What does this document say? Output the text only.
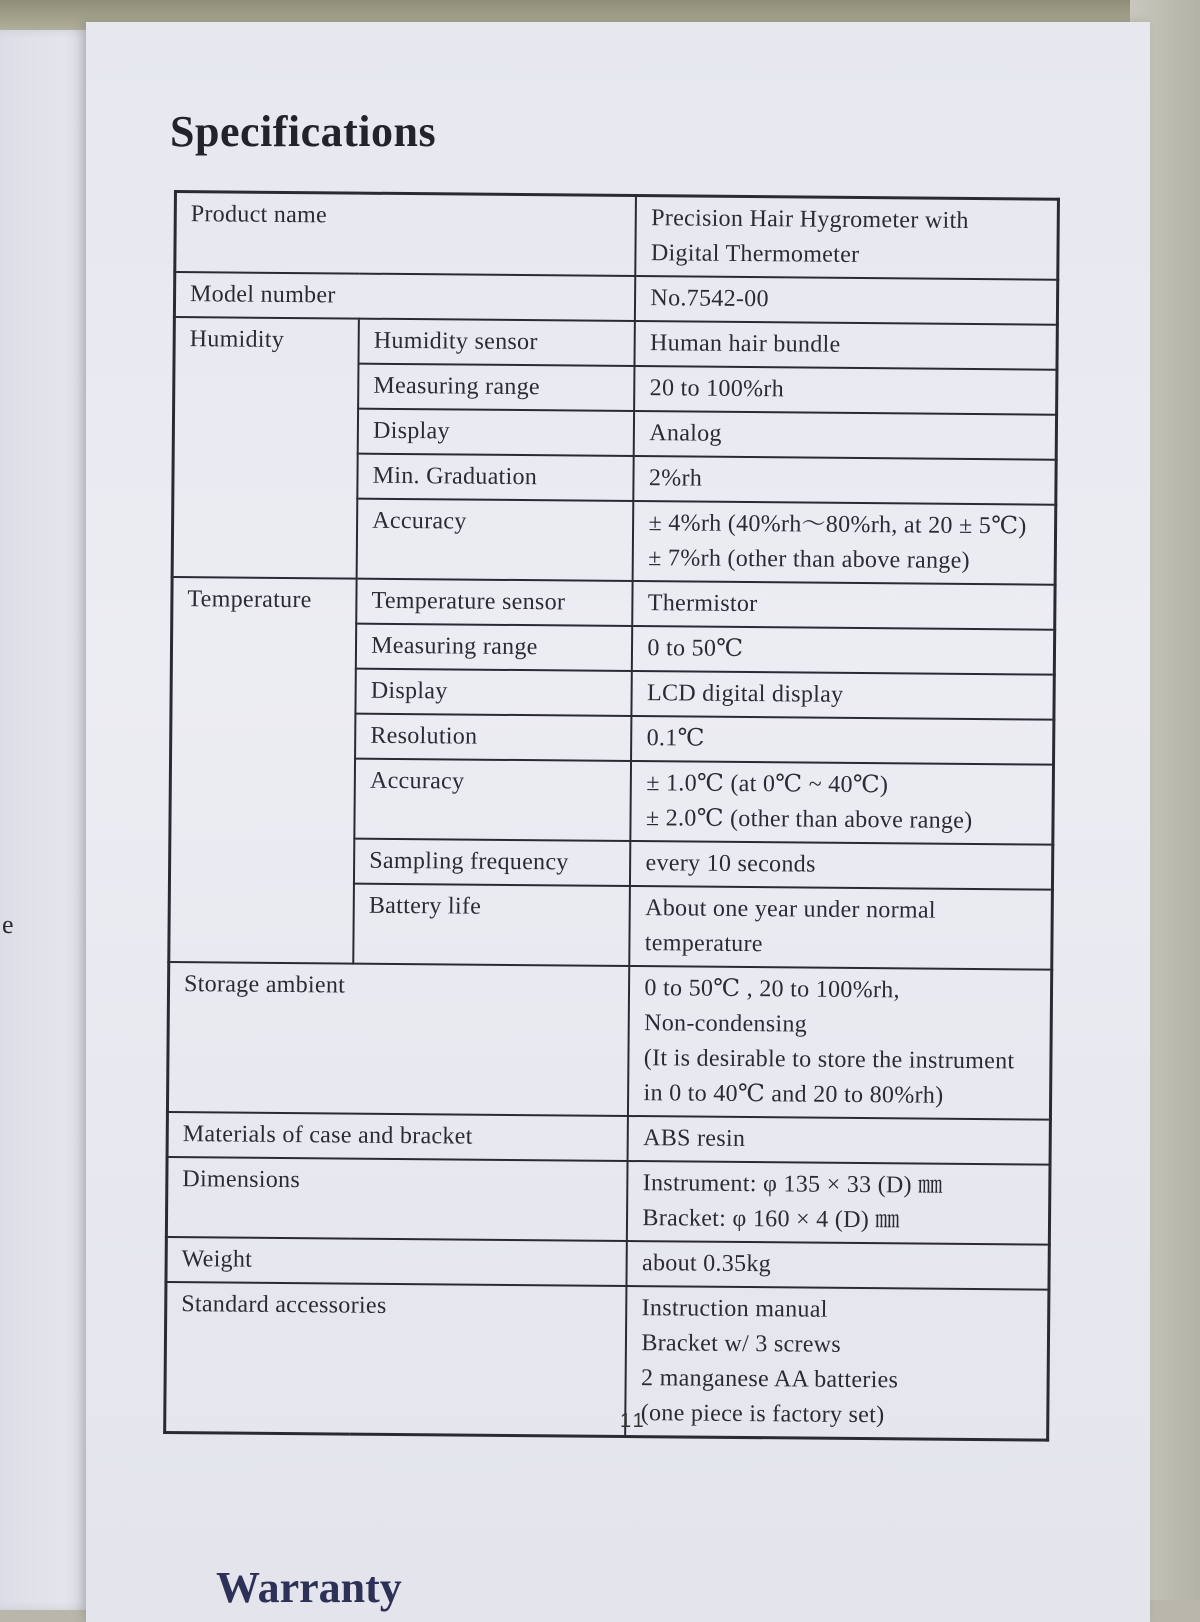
e
Specifications
Product name		Precision Hair Hygrometer with
Digital Thermometer

Model number		No.7542-00
Humidity	Humidity sensor	Human hair bundle
	Measuring range	20 to 100%rh
	Display	Analog
	Min. Graduation	2%rh
	Accuracy	± 4%rh (40%rh～80%rh, at 20 ± 5℃)
± 7%rh (other than above range)

Temperature	Temperature sensor	Thermistor
	Measuring range	0 to 50℃
	Display	LCD digital display
	Resolution	0.1℃
	Accuracy	± 1.0℃ (at 0℃ ~ 40℃)
± 2.0℃ (other than above range)

	Sampling frequency	every 10 seconds
	Battery life	About one year under normal
temperature

Storage ambient		0 to 50℃ , 20 to 100%rh,
Non-condensing
(It is desirable to store the instrument
in 0 to 40℃ and 20 to 80%rh)

Materials of case and bracket		ABS resin
Dimensions		Instrument: φ 135 × 33 (D) ㎜
Bracket: φ 160 × 4 (D) ㎜

Weight		about 0.35kg
Standard accessories		Instruction manual
Bracket w/ 3 screws
2 manganese AA batteries
(one piece is factory set)
11
Warranty
